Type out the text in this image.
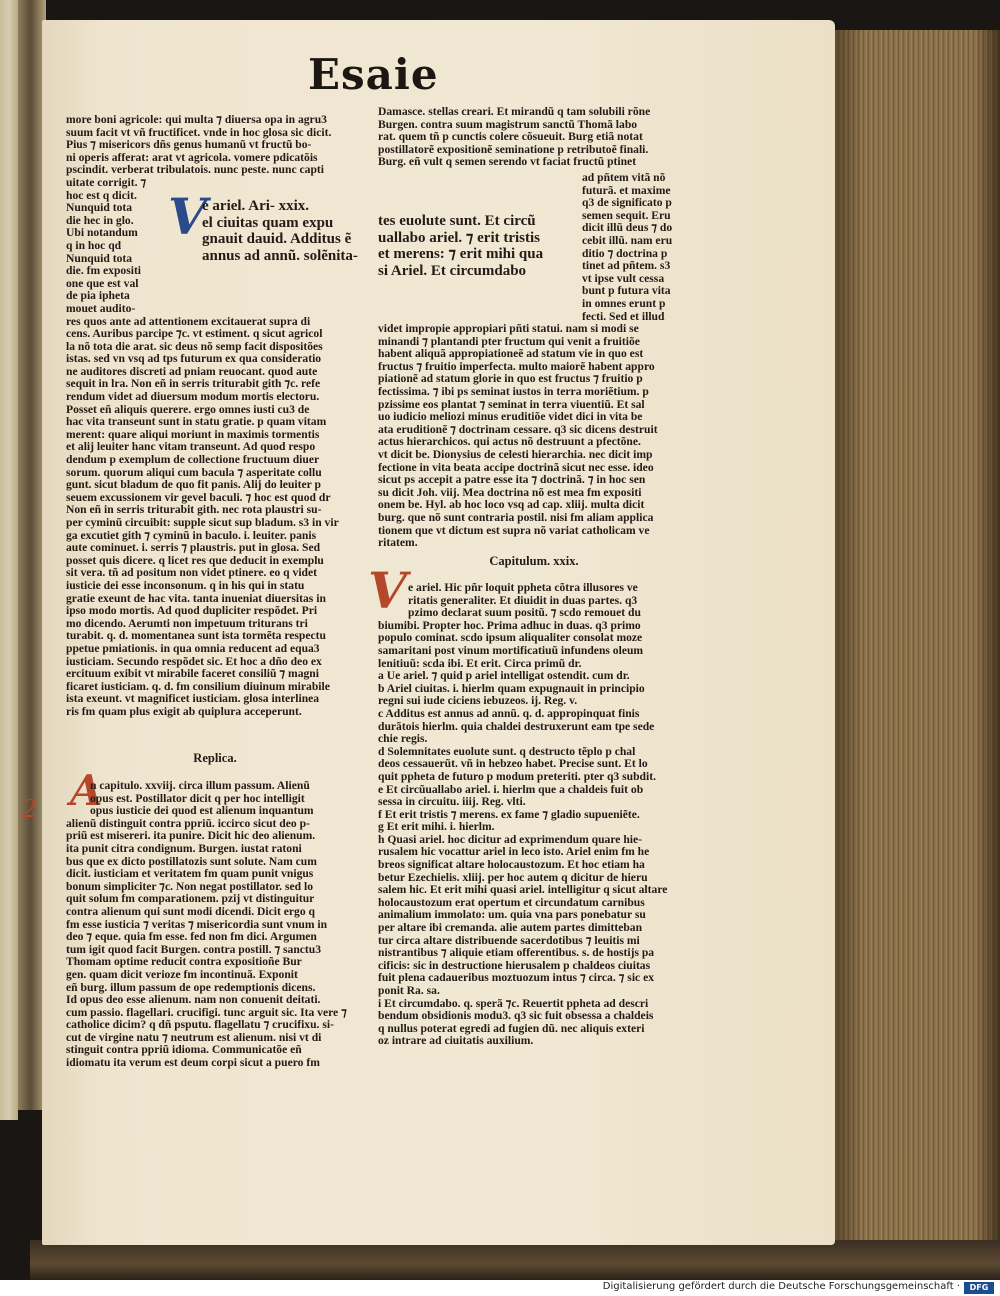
Esaie
more boni agricole: qui multa ⁊ diuersa opa in agru3
suum facit vt vñ fructificet. vnde in hoc glosa sic dicit.
Pius ⁊ misericors dñs genus humanũ vt fructũ bo-
ni operis afferat: arat vt agricola. vomere pdicatõis
pscindit. verberat tribulatois. nunc peste. nunc capti
uitate corrigit. ⁊
hoc est q dicit.
Nunquid tota
die hec in glo.
Ubi notandum
q in hoc qd
Nunquid tota
die. fm expositi
one que est val
de pia ipheta
mouet audito-
res quos ante ad attentionem excitauerat supra di
cens. Auribus parcipe ⁊c. vt estiment. q sicut agricol
la nõ tota die arat. sic deus nõ semp facit dispositões
istas. sed vn vsq ad tps futurum ex qua consideratio
ne auditores discreti ad pniam reuocant. quod aute
sequit in lra. Non eñ in serris triturabit gith ⁊c. refe
rendum videt ad diuersum modum mortis electoru.
Posset eñ aliquis querere. ergo omnes iusti cu3 de
hac vita transeunt sunt in statu gratie. p quam vitam
merent: quare aliqui moriunt in maximis tormentis
et alij leuiter hanc vitam transeunt. Ad quod respo
dendum p exemplum de collectione fructuum diuer
sorum. quorum aliqui cum bacula ⁊ asperitate collu
gunt. sicut bladum de quo fit panis. Alij do leuiter p
seuem excussionem vir gevel baculi. ⁊ hoc est quod dr
Non eñ in serris triturabit gith. nec rota plaustri su-
per cyminũ circuibit: supple sicut sup bladum. s3 in vir
ga excutiet gith ⁊ cyminũ in baculo. i. leuiter. panis
aute cominuet. i. serris ⁊ plaustris. put in glosa. Sed
posset quis dicere. q licet res que deducit in exemplu
sit vera. tñ ad positum non videt ptinere. eo q videt
iusticie dei esse inconsonum. q in his qui in statu
gratie exeunt de hac vita. tanta inueniat diuersitas in
ipso modo mortis. Ad quod dupliciter respõdet. Pri
mo dicendo. Aerumti non impetuum triturans tri
turabit. q. d. momentanea sunt ista tormẽta respectu
ppetue pmiationis. in qua omnia reducent ad equa3
iusticiam. Secundo respõdet sic. Et hoc a dño deo ex
ercituum exibit vt mirabile faceret consiliũ ⁊ magni
ficaret iusticiam. q. d. fm consilium diuinum mirabile
ista exeunt. vt magnificet iusticiam. glosa interlinea
ris fm quam plus exigit ab quiplura acceperunt.
V
e ariel. Ari- xxix.
el ciuitas quam expu
gnauit dauid. Additus ẽ
annus ad annũ. solẽnita-
tes euolute sunt. Et circũ
uallabo ariel. ⁊ erit tristis
et merens: ⁊ erit mihi qua
si Ariel. Et circumdabo
Damasce. stellas creari. Et mirandũ q tam solubili rõne
Burgen. contra suum magistrum sanctũ Thomã labo
rat. quem tñ p cunctis colere cõsueuit. Burg etiã notat
postillatorẽ expositionẽ seminatione p retributoẽ finali.
Burg. eñ vult q semen serendo vt faciat fructũ ptinet
ad pñtem vitã nõ
futurã. et maxime
q3 de significato p
semen sequit. Eru
dicit illũ deus ⁊ do
cebit illũ. nam eru
ditio ⁊ doctrina p
tinet ad pñtem. s3
vt ipse vult cessa
bunt p futura vita
in omnes erunt p
fecti. Sed et illud
videt impropie appropiari pñti statui. nam si modi se
minandi ⁊ plantandi pter fructum qui venit a fruitiõe
habent aliquã appropiationeẽ ad statum vie in quo est
fructus ⁊ fruitio imperfecta. multo maiorẽ habent appro
piationẽ ad statum glorie in quo est fructus ⁊ fruitio p
fectissima. ⁊ ibi ps seminat iustos in terra moriẽtium. p
pzissime eos plantat ⁊ seminat in terra viuentiũ. Et sal
uo iudicio meliozi minus eruditiõe videt dici in vita be
ata eruditionẽ ⁊ doctrinam cessare. q3 sic dicens destruit
actus hierarchicos. qui actus nõ destruunt a pfectõne.
vt dicit be. Dionysius de celesti hierarchia. nec dicit imp
fectione in vita beata accipe doctrinã sicut nec esse. ideo
sicut ps accepit a patre esse ita ⁊ doctrinã. ⁊ in hoc sen
su dicit Joh. viij. Mea doctrina nõ est mea fm expositi
onem be. Hyl. ab hoc loco vsq ad cap. xliij. multa dicit
burg. que nõ sunt contraria postil. nisi fm aliam applica
tionem que vt dictum est supra nõ variat catholicam ve
ritatem.
Capitulum. xxix.
V e ariel. Hic pñr loquit ppheta cõtra illusores ve
ritatis generaliter. Et diuidit in duas partes. q3
pzimo declarat suum positũ. ⁊ scdo remouet du
biumibi. Propter hoc. Prima adhuc in duas. q3 primo
populo cominat. scdo ipsum aliqualiter consolat moze
samaritani post vinum mortificatiuũ infundens oleum
lenitiuũ: scda ibi. Et erit. Circa primũ dr.
a Ue ariel. ⁊ quid p ariel intelligat ostendit. cum dr.
b Ariel ciuitas. i. hierlm quam expugnauit in principio
regni sui iude ciciens iebuzeos. ij. Reg. v.
c Additus est annus ad annũ. q. d. appropinquat finis
durãtois hierlm. quia chaldei destruxerunt eam tpe sede
chie regis.
d Solemnitates euolute sunt. q destructo tẽplo p chal
deos cessauerũt. vñ in hebzeo habet. Precise sunt. Et lo
quit ppheta de futuro p modum preteriti. pter q3 subdit.
e Et circũuallabo ariel. i. hierlm que a chaldeis fuit ob
sessa in circuitu. iiij. Reg. vlti.
f Et erit tristis ⁊ merens. ex fame ⁊ gladio supueniẽte.
g Et erit mihi. i. hierlm.
h Quasi ariel. hoc dicitur ad exprimendum quare hie-
rusalem hic vocattur ariel in leco isto. Ariel enim fm he
breos significat altare holocaustozum. Et hoc etiam ha
betur Ezechielis. xliij. per hoc autem q dicitur de hieru
salem hic. Et erit mihi quasi ariel. intelligitur q sicut altare
holocaustozum erat opertum et circundatum carnibus
animalium immolato: um. quia vna pars ponebatur su
per altare ibi cremanda. alie autem partes dimitteban
tur circa altare distribuende sacerdotibus ⁊ leuitis mi
nistrantibus ⁊ aliquie etiam offerentibus. s. de hostijs pa
cificis: sic in destructione hierusalem p chaldeos ciuitas
fuit plena cadaueribus moztuozum intus ⁊ circa. ⁊ sic ex
ponit Ra. sa.
i Et circumdabo. q. sperã ⁊c. Reuertit ppheta ad descri
bendum obsidionis modu3. q3 sic fuit obsessa a chaldeis
q nullus poterat egredi ad fugien dũ. nec aliquis exteri
oz intrare ad ciuitatis auxilium.
Replica.
A
n capitulo. xxviij. circa illum passum. Alienũ
opus est. Postillator dicit q per hoc intelligit
opus iusticie dei quod est alienum inquantum
alienũ distinguit contra ppriũ. iccirco sicut deo p-
priũ est misereri. ita punire. Dicit hic deo alienum.
ita punit citra condignum. Burgen. iustat ratoni
bus que ex dicto postillatozis sunt solute. Nam cum
dicit. iusticiam et veritatem fm quam punit vnigus
bonum simpliciter ⁊c. Non negat postillator. sed lo
quit solum fm comparationem. pzij vt distinguitur
contra alienum qui sunt modi dicendi. Dicit ergo q
fm esse iusticia ⁊ veritas ⁊ misericordia sunt vnum in
deo ⁊ eque. quia fm esse. fed non fm dici. Argumen
tum igit quod facit Burgen. contra postill. ⁊ sanctu3
Thomam optime reducit contra expositioñe Bur
gen. quam dicit verioze fm incontinuã. Exponit
eñ burg. illum passum de ope redemptionis dicens.
Id opus deo esse alienum. nam non conuenit deitati.
cum passio. flagellari. crucifigi. tunc arguit sic. Ita vere ⁊
catholice dicim? q dñ psputu. flagellatu ⁊ crucifixu. si-
cut de virgine natu ⁊ neutrum est alienum. nisi vt di
stinguit contra ppriũ idioma. Communicatõe eñ
idiomatu ita verum est deum corpi sicut a puero fm
2
Digitalisierung gefördert durch die Deutsche Forschungsgemeinschaft ·	DFG
